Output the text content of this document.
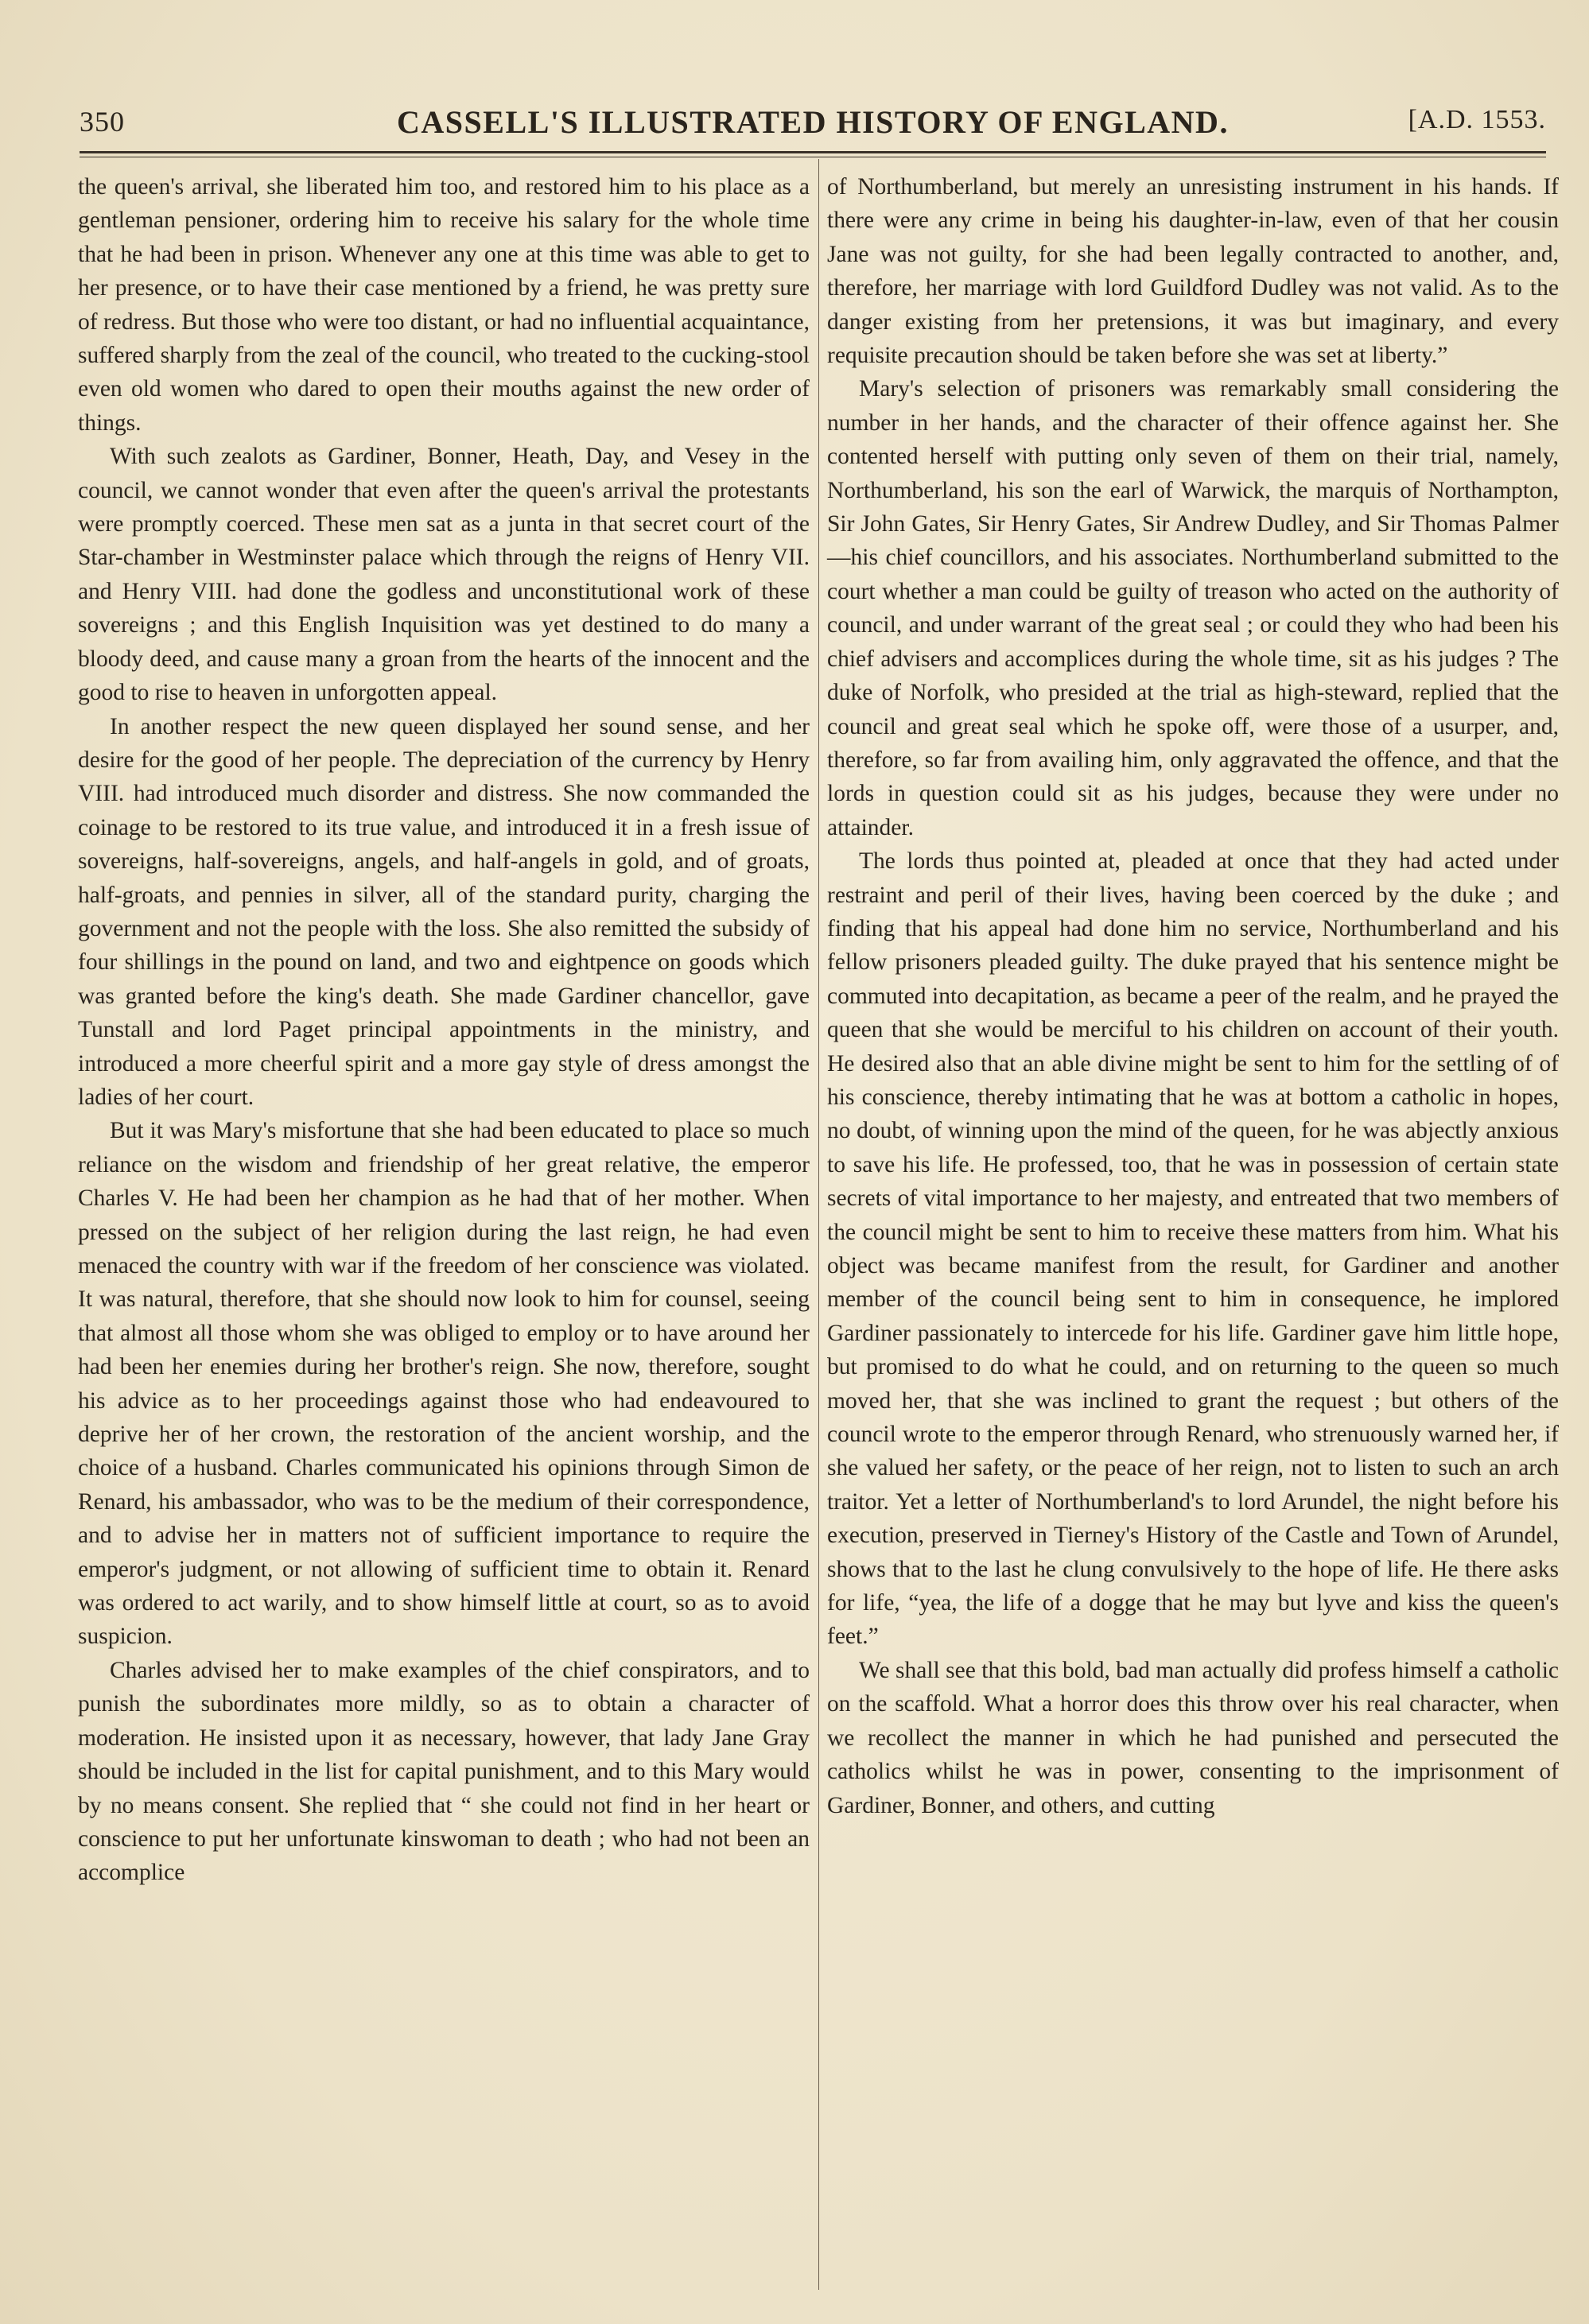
350	CASSELL'S ILLUSTRATED HISTORY OF ENGLAND.	[A.D. 1553.

the queen's arrival, she liberated him too, and restored him to his place as a gentleman pensioner, ordering him to receive his salary for the whole time that he had been in prison. Whenever any one at this time was able to get to her presence, or to have their case mentioned by a friend, he was pretty sure of redress. But those who were too distant, or had no influential acquaintance, suffered sharply from the zeal of the council, who treated to the cucking-stool even old women who dared to open their mouths against the new order of things.

With such zealots as Gardiner, Bonner, Heath, Day, and Vesey in the council, we cannot wonder that even after the queen's arrival the protestants were promptly coerced. These men sat as a junta in that secret court of the Star-chamber in Westminster palace which through the reigns of Henry VII. and Henry VIII. had done the godless and unconstitutional work of these sovereigns ; and this English Inquisition was yet destined to do many a bloody deed, and cause many a groan from the hearts of the innocent and the good to rise to heaven in unforgotten appeal.

In another respect the new queen displayed her sound sense, and her desire for the good of her people. The depreciation of the currency by Henry VIII. had introduced much disorder and distress. She now commanded the coinage to be restored to its true value, and introduced it in a fresh issue of sovereigns, half-sovereigns, angels, and half-angels in gold, and of groats, half-groats, and pennies in silver, all of the standard purity, charging the government and not the people with the loss. She also remitted the subsidy of four shillings in the pound on land, and two and eightpence on goods which was granted before the king's death. She made Gardiner chancellor, gave Tunstall and lord Paget principal appointments in the ministry, and introduced a more cheerful spirit and a more gay style of dress amongst the ladies of her court.

But it was Mary's misfortune that she had been educated to place so much reliance on the wisdom and friendship of her great relative, the emperor Charles V. He had been her champion as he had that of her mother. When pressed on the subject of her religion during the last reign, he had even menaced the country with war if the freedom of her conscience was violated. It was natural, therefore, that she should now look to him for counsel, seeing that almost all those whom she was obliged to employ or to have around her had been her enemies during her brother's reign. She now, therefore, sought his advice as to her proceedings against those who had endeavoured to deprive her of her crown, the restoration of the ancient worship, and the choice of a husband. Charles communicated his opinions through Simon de Renard, his ambassador, who was to be the medium of their correspondence, and to advise her in matters not of sufficient importance to require the emperor's judgment, or not allowing of sufficient time to obtain it. Renard was ordered to act warily, and to show himself little at court, so as to avoid suspicion.

Charles advised her to make examples of the chief conspirators, and to punish the subordinates more mildly, so as to obtain a character of moderation. He insisted upon it as necessary, however, that lady Jane Gray should be included in the list for capital punishment, and to this Mary would by no means consent. She replied that “ she could not find in her heart or conscience to put her unfortunate kinswoman to death ; who had not been an accomplice

of Northumberland, but merely an unresisting instrument in his hands. If there were any crime in being his daughter-in-law, even of that her cousin Jane was not guilty, for she had been legally contracted to another, and, therefore, her marriage with lord Guildford Dudley was not valid. As to the danger existing from her pretensions, it was but imaginary, and every requisite precaution should be taken before she was set at liberty.”

Mary's selection of prisoners was remarkably small considering the number in her hands, and the character of their offence against her. She contented herself with putting only seven of them on their trial, namely, Northumberland, his son the earl of Warwick, the marquis of Northampton, Sir John Gates, Sir Henry Gates, Sir Andrew Dudley, and Sir Thomas Palmer—his chief councillors, and his associates. Northumberland submitted to the court whether a man could be guilty of treason who acted on the authority of council, and under warrant of the great seal ; or could they who had been his chief advisers and accomplices during the whole time, sit as his judges ? The duke of Norfolk, who presided at the trial as high-steward, replied that the council and great seal which he spoke off, were those of a usurper, and, therefore, so far from availing him, only aggravated the offence, and that the lords in question could sit as his judges, because they were under no attainder.

The lords thus pointed at, pleaded at once that they had acted under restraint and peril of their lives, having been coerced by the duke ; and finding that his appeal had done him no service, Northumberland and his fellow prisoners pleaded guilty. The duke prayed that his sentence might be commuted into decapitation, as became a peer of the realm, and he prayed the queen that she would be merciful to his children on account of their youth. He desired also that an able divine might be sent to him for the settling of of his conscience, thereby intimating that he was at bottom a catholic in hopes, no doubt, of winning upon the mind of the queen, for he was abjectly anxious to save his life. He professed, too, that he was in possession of certain state secrets of vital importance to her majesty, and entreated that two members of the council might be sent to him to receive these matters from him. What his object was became manifest from the result, for Gardiner and another member of the council being sent to him in consequence, he implored Gardiner passionately to intercede for his life. Gardiner gave him little hope, but promised to do what he could, and on returning to the queen so much moved her, that she was inclined to grant the request ; but others of the council wrote to the emperor through Renard, who strenuously warned her, if she valued her safety, or the peace of her reign, not to listen to such an arch traitor. Yet a letter of Northumberland's to lord Arundel, the night before his execution, preserved in Tierney's History of the Castle and Town of Arundel, shows that to the last he clung convulsively to the hope of life. He there asks for life, “yea, the life of a dogge that he may but lyve and kiss the queen's feet.”

We shall see that this bold, bad man actually did profess himself a catholic on the scaffold. What a horror does this throw over his real character, when we recollect the manner in which he had punished and persecuted the catholics whilst he was in power, consenting to the imprisonment of Gardiner, Bonner, and others, and cutting
